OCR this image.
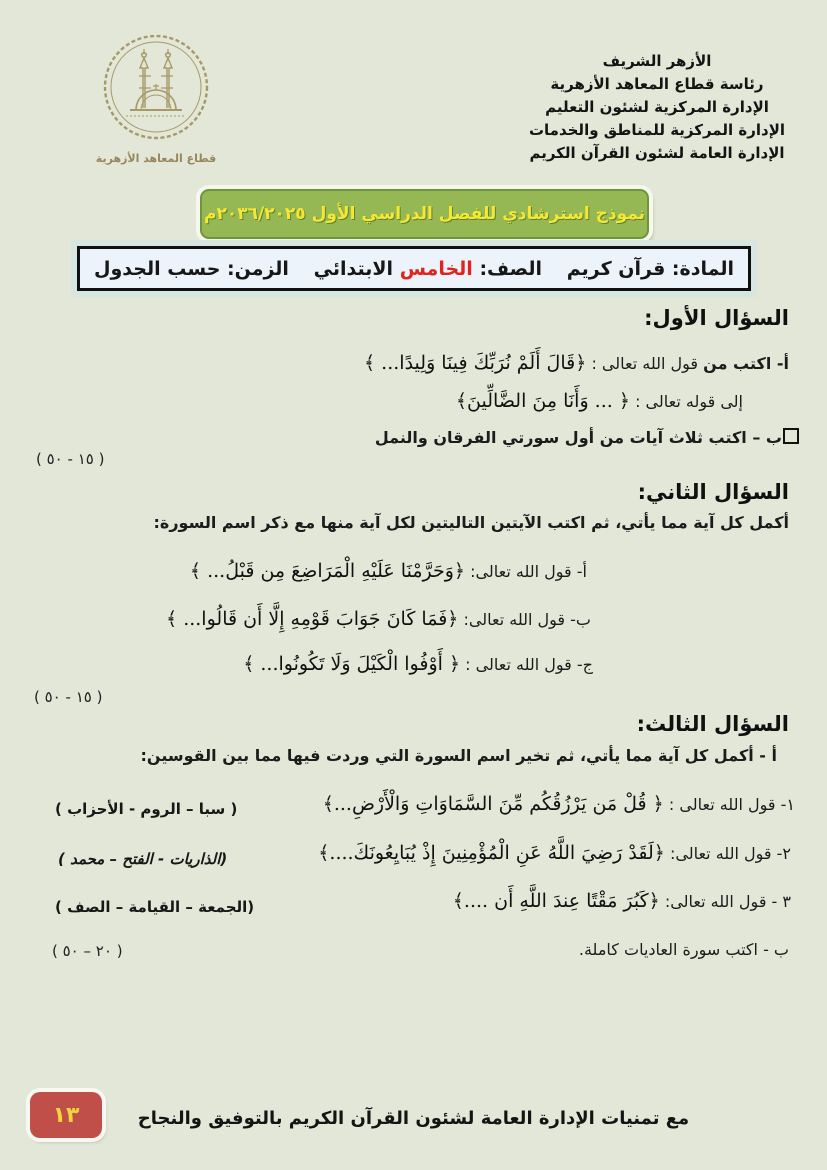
الأزهر الشريف
رئاسة قطاع المعاهد الأزهرية
الإدارة المركزية لشئون التعليم
الإدارة المركزية للمناطق والخدمات
الإدارة العامة لشئون القرآن الكريم
قطاع المعاهد الأزهرية
نموذج استرشادي للفصل الدراسي الأول ٢٠٣٦/٢٠٢٥م
المادة: قرآن كريم
الصف: الخامس الابتدائي
الزمن: حسب الجدول
السؤال الأول:
أ- اكتب من قول الله تعالى : ﴿قَالَ أَلَمْ نُرَبِّكَ فِينَا وَلِيدًا... ﴾
إلى قوله تعالى : ﴿ ... وَأَنَا مِنَ الضَّالِّينَ﴾
ب – اكتب ثلاث آيات من أول سورتي الفرقان والنمل
( ١٥ - ٥٠ )
السؤال الثاني:
أكمل كل آية مما يأتي، ثم اكتب الآيتين التاليتين لكل آية منها مع ذكر اسم السورة:
أ- قول الله تعالى: ﴿وَحَرَّمْنَا عَلَيْهِ الْمَرَاضِعَ مِن قَبْلُ... ﴾
ب- قول الله تعالى: ﴿فَمَا كَانَ جَوَابَ قَوْمِهِ إِلَّا أَن قَالُوا... ﴾
ج- قول الله تعالى : ﴿ أَوْفُوا الْكَيْلَ وَلَا تَكُونُوا... ﴾
( ١٥ - ٥٠ )
السؤال الثالث:
أ - أكمل كل آية مما يأتي، ثم تخير اسم السورة التي وردت فيها مما بين القوسين:
١- قول الله تعالى : ﴿ قُلْ مَن يَرْزُقُكُم مِّنَ السَّمَاوَاتِ وَالْأَرْضِ...﴾
( سبا – الروم - الأحزاب )
٢- قول الله تعالى: ﴿لَقَدْ رَضِيَ اللَّهُ عَنِ الْمُؤْمِنِينَ إِذْ يُبَايِعُونَكَ....﴾
(الذاريات - الفتح – محمد )
٣ - قول الله تعالى: ﴿كَبُرَ مَقْتًا عِندَ اللَّهِ أَن ....﴾
(الجمعة – القيامة – الصف )
ب - اكتب سورة العاديات كاملة.
( ٢٠ – ٥٠ )
١٣	مع تمنيات الإدارة العامة لشئون القرآن الكريم بالتوفيق والنجاح
